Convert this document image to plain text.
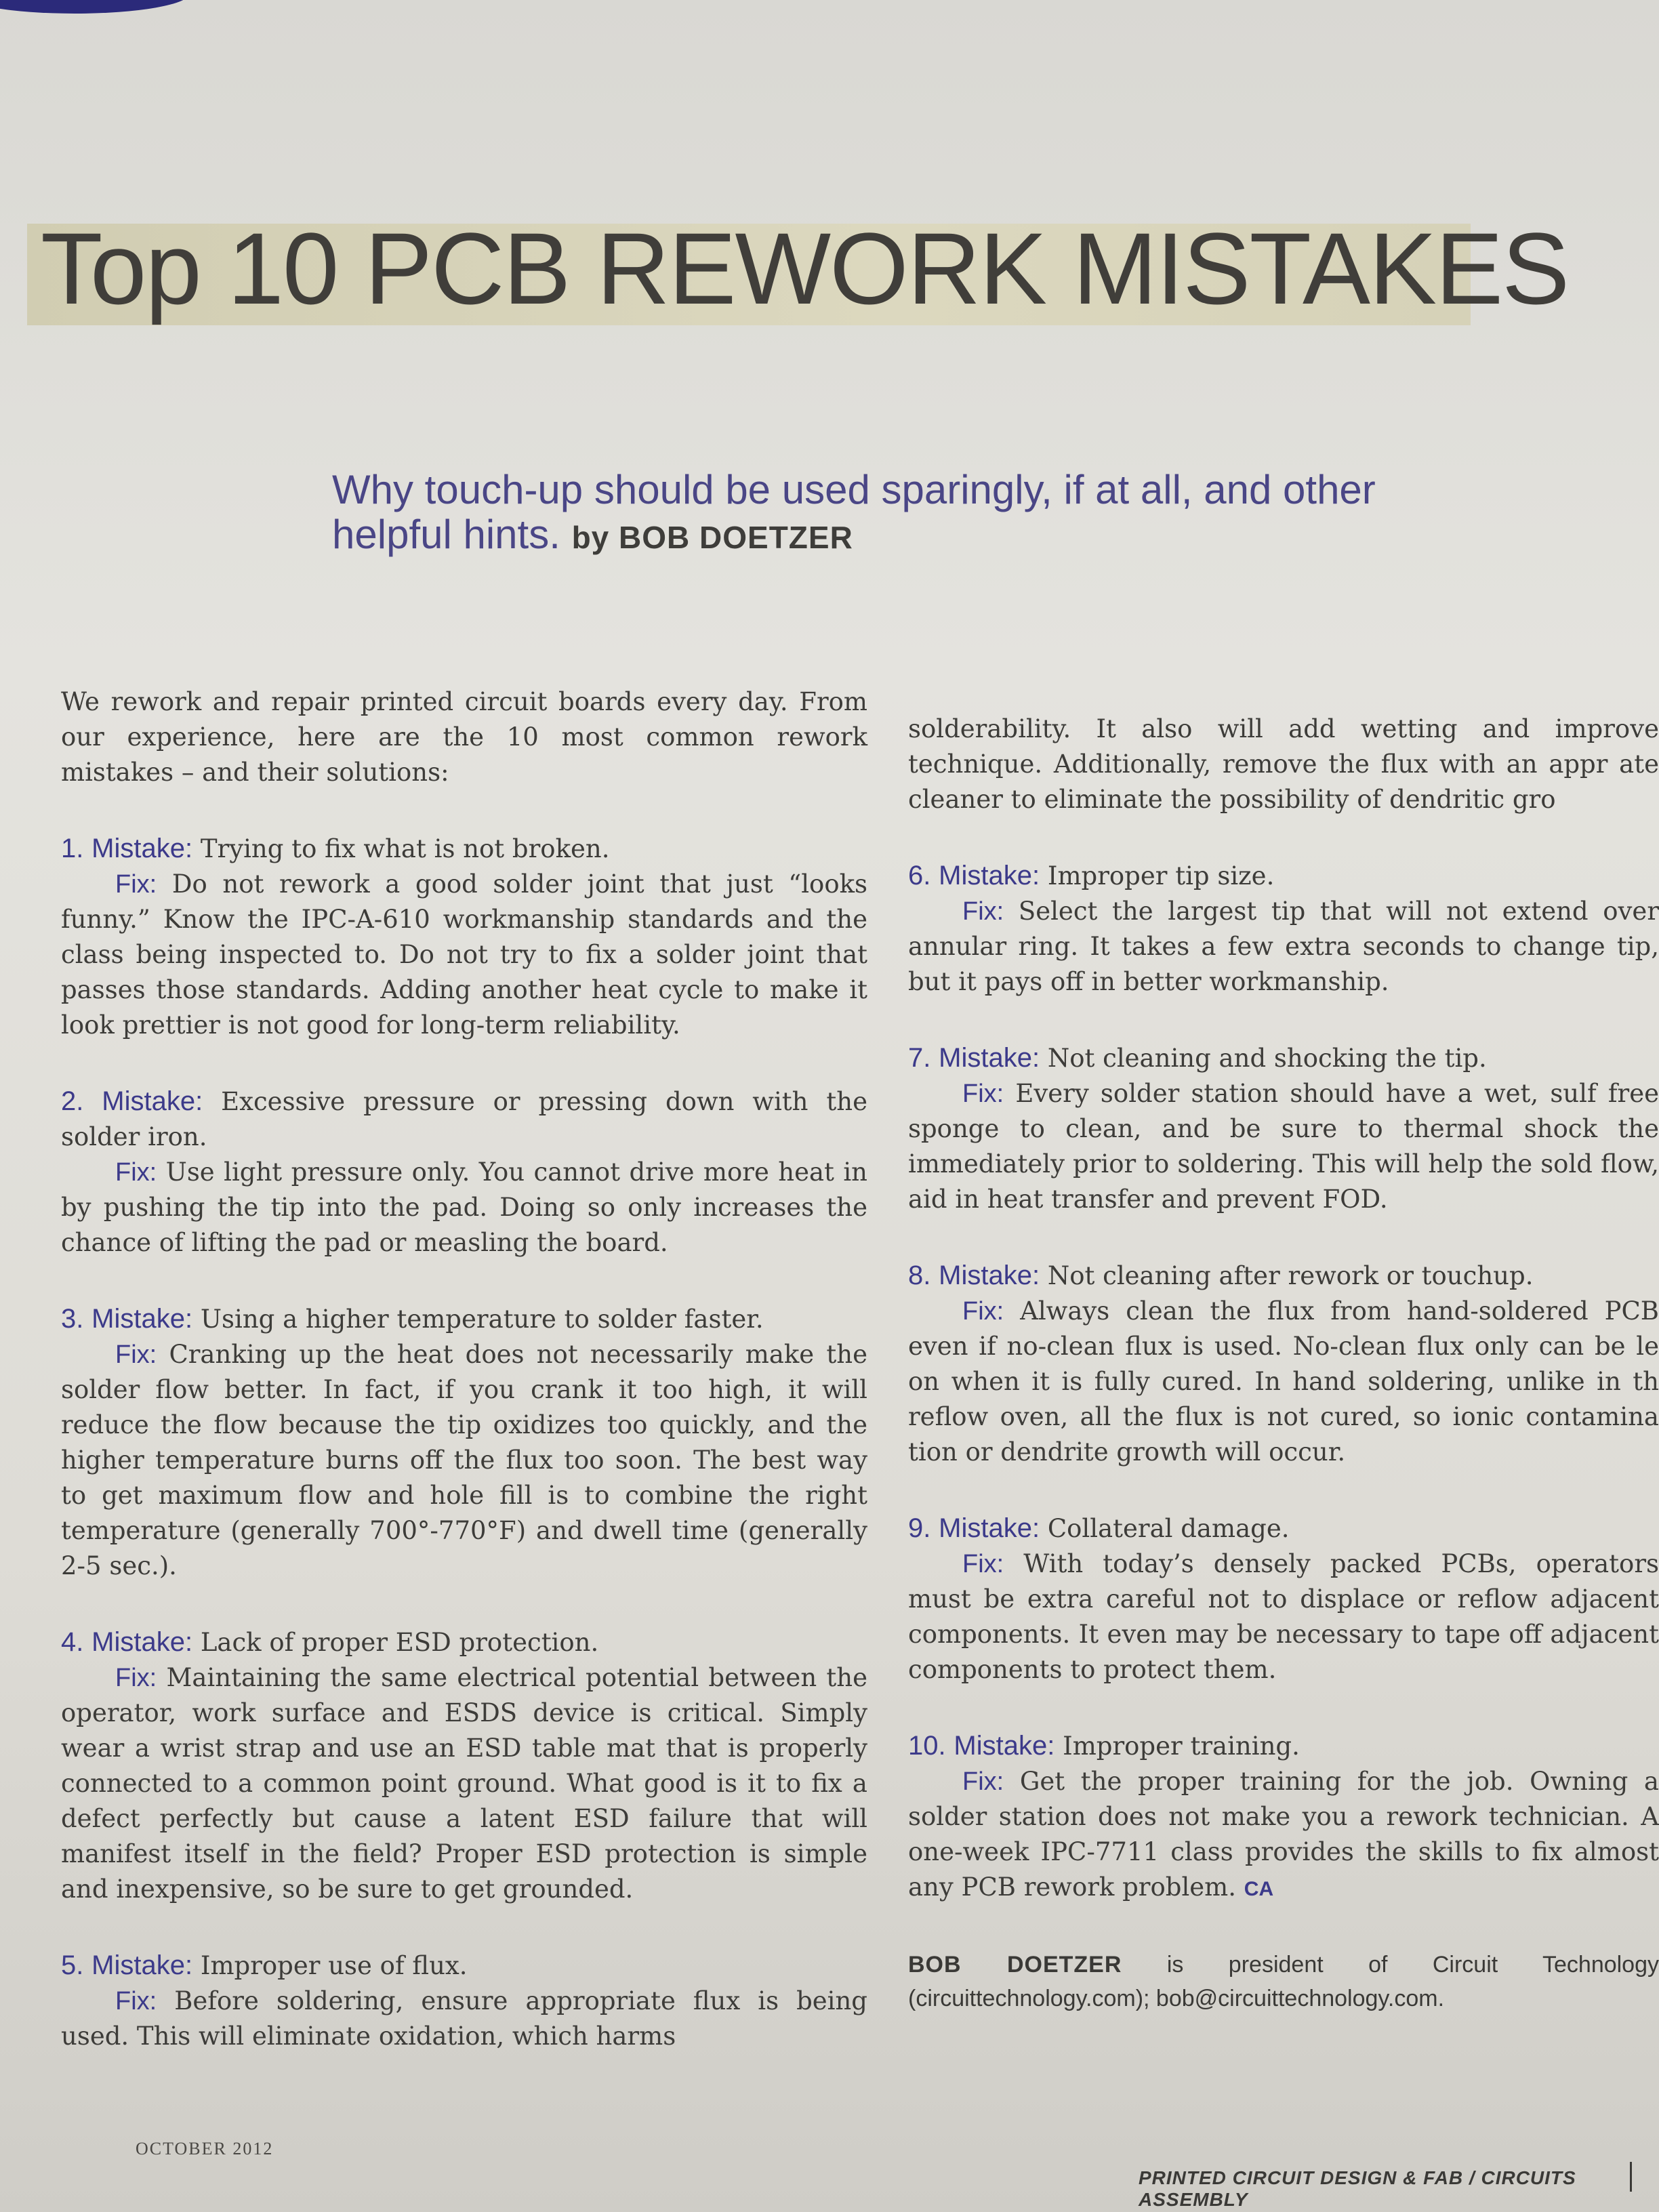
Top 10 PCB REWORK MISTAKES

Why touch-up should be used sparingly, if at all, and other helpful hints. by BOB DOETZER

We rework and repair printed circuit boards every day. From our experience, here are the 10 most common rework mistakes – and their solutions:

1. Mistake: Trying to fix what is not broken.

Fix: Do not rework a good solder joint that just “looks funny.” Know the IPC-A-610 workmanship standards and the class being inspected to. Do not try to fix a solder joint that passes those standards. Adding another heat cycle to make it look prettier is not good for long-term reliability.

2. Mistake: Excessive pressure or pressing down with the solder iron.

Fix: Use light pressure only. You cannot drive more heat in by pushing the tip into the pad. Doing so only increases the chance of lifting the pad or measling the board.

3. Mistake: Using a higher temperature to solder faster.

Fix: Cranking up the heat does not necessarily make the solder flow better. In fact, if you crank it too high, it will reduce the flow because the tip oxidizes too quickly, and the higher temperature burns off the flux too soon. The best way to get maximum flow and hole fill is to combine the right temperature (generally 700°-770°F) and dwell time (generally 2-5 sec.).

4. Mistake: Lack of proper ESD protection.

Fix: Maintaining the same electrical potential between the operator, work surface and ESDS device is critical. Simply wear a wrist strap and use an ESD table mat that is properly connected to a common point ground. What good is it to fix a defect perfectly but cause a latent ESD failure that will manifest itself in the field? Proper ESD protection is simple and inexpensive, so be sure to get grounded.

5. Mistake: Improper use of flux.

Fix: Before soldering, ensure appropriate flux is being used. This will eliminate oxidation, which harms

solderability. It also will add wetting and improve technique. Additionally, remove the flux with an appr ate cleaner to eliminate the possibility of dendritic gro

6. Mistake: Improper tip size.

Fix: Select the largest tip that will not extend over annular ring. It takes a few extra seconds to change tip, but it pays off in better workmanship.

7. Mistake: Not cleaning and shocking the tip.

Fix: Every solder station should have a wet, sulf free sponge to clean, and be sure to thermal shock the immediately prior to soldering. This will help the sold flow, aid in heat transfer and prevent FOD.

8. Mistake: Not cleaning after rework or touchup.

Fix: Always clean the flux from hand-soldered PCB even if no-clean flux is used. No-clean flux only can be le on when it is fully cured. In hand soldering, unlike in th reflow oven, all the flux is not cured, so ionic contamina tion or dendrite growth will occur.

9. Mistake: Collateral damage.

Fix: With today’s densely packed PCBs, operators must be extra careful not to displace or reflow adjacent components. It even may be necessary to tape off adjacent components to protect them.

10. Mistake: Improper training.

Fix: Get the proper training for the job. Owning a solder station does not make you a rework technician. A one-week IPC-7711 class provides the skills to fix almost any PCB rework problem. CA

BOB DOETZER is president of Circuit Technology (circuittechnology.com); bob@circuittechnology.com.

OCTOBER 2012
PRINTED CIRCUIT DESIGN & FAB / CIRCUITS ASSEMBLY
